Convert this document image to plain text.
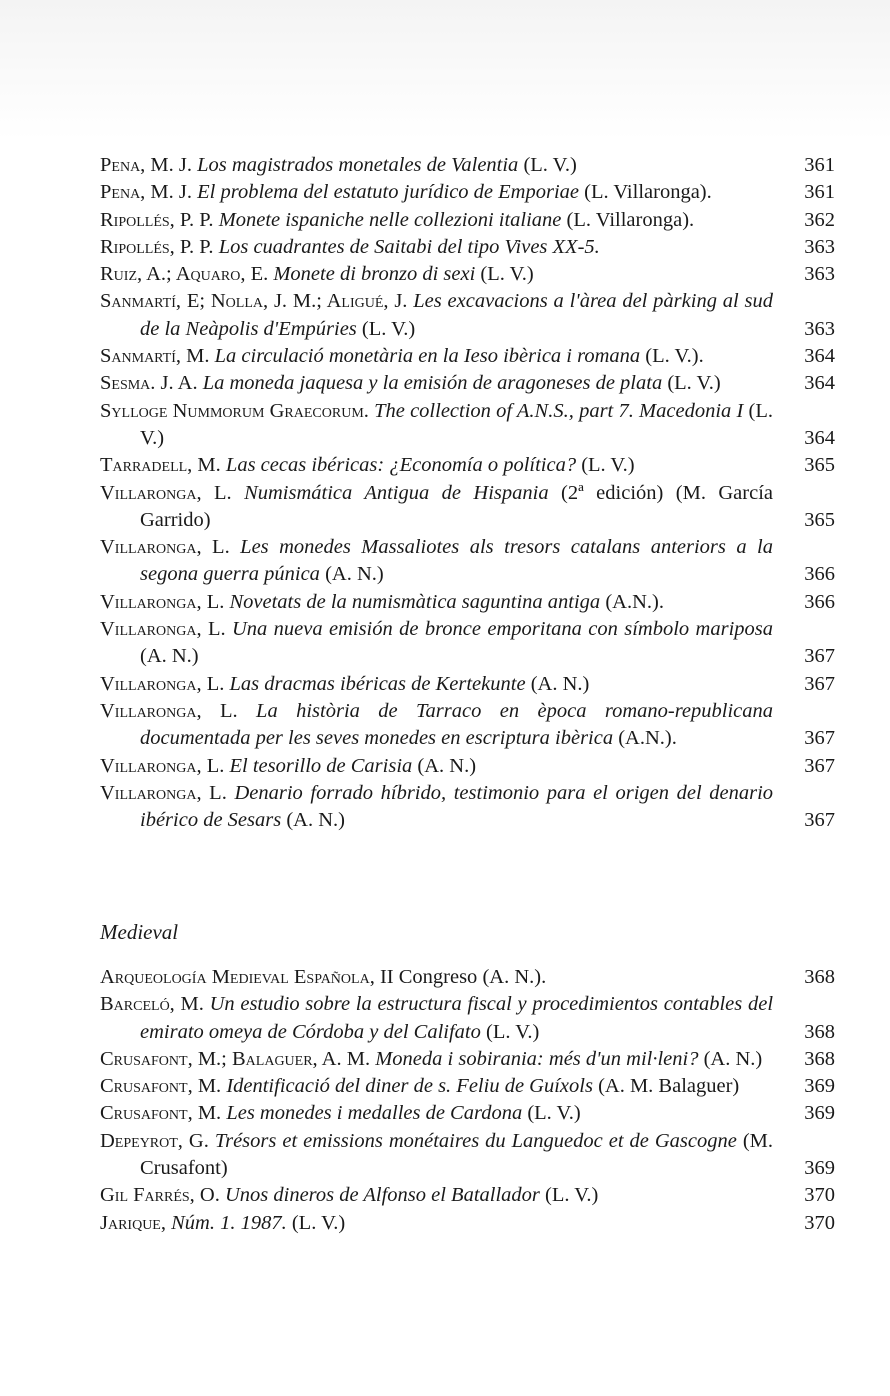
Pena, M. J. Los magistrados monetales de Valentia (L. V.)	361
Pena, M. J. El problema del estatuto jurídico de Emporiae (L. Villaronga).	361
Ripollés, P. P. Monete ispaniche nelle collezioni italiane (L. Villaronga).	362
Ripollés, P. P. Los cuadrantes de Saitabi del tipo Vives XX-5.	363
Ruiz, A.; Aquaro, E. Monete di bronzo di sexi (L. V.)	363
Sanmartí, E; Nolla, J. M.; Aligué, J. Les excavacions a l'àrea del pàrking al sud de la Neàpolis d'Empúries (L. V.)	363
Sanmartí, M. La circulació monetària en la Ieso ibèrica i romana (L. V.).	364
Sesma. J. A. La moneda jaquesa y la emisión de aragoneses de plata (L. V.)	364
Sylloge Nummorum Graecorum. The collection of A.N.S., part 7. Macedonia I (L. V.)	364
Tarradell, M. Las cecas ibéricas: ¿Economía o política? (L. V.)	365
Villaronga, L. Numismática Antigua de Hispania (2ª edición) (M. García Garrido)	365
Villaronga, L. Les monedes Massaliotes als tresors catalans anteriors a la segona guerra púnica (A. N.)	366
Villaronga, L. Novetats de la numismàtica saguntina antiga (A.N.).	366
Villaronga, L. Una nueva emisión de bronce emporitana con símbolo mariposa (A. N.)	367
Villaronga, L. Las dracmas ibéricas de Kertekunte (A. N.)	367
Villaronga, L. La història de Tarraco en època romano-republicana documentada per les seves monedes en escriptura ibèrica (A.N.).	367
Villaronga, L. El tesorillo de Carisia (A. N.)	367
Villaronga, L. Denario forrado híbrido, testimonio para el origen del denario ibérico de Sesars (A. N.)	367
Medieval
Arqueología Medieval Española, II Congreso (A. N.).	368
Barceló, M. Un estudio sobre la estructura fiscal y procedimientos contables del emirato omeya de Córdoba y del Califato (L. V.)	368
Crusafont, M.; Balaguer, A. M. Moneda i sobirania: més d'un mil·leni? (A. N.) 368
Crusafont, M. Identificació del diner de s. Feliu de Guíxols (A. M. Balaguer)	369
Crusafont, M. Les monedes i medalles de Cardona (L. V.)	369
Depeyrot, G. Trésors et emissions monétaires du Languedoc et de Gascogne (M. Crusafont)	369
Gil Farrés, O. Unos dineros de Alfonso el Batallador (L. V.)	370
Jarique, Núm. 1. 1987. (L. V.)	370
